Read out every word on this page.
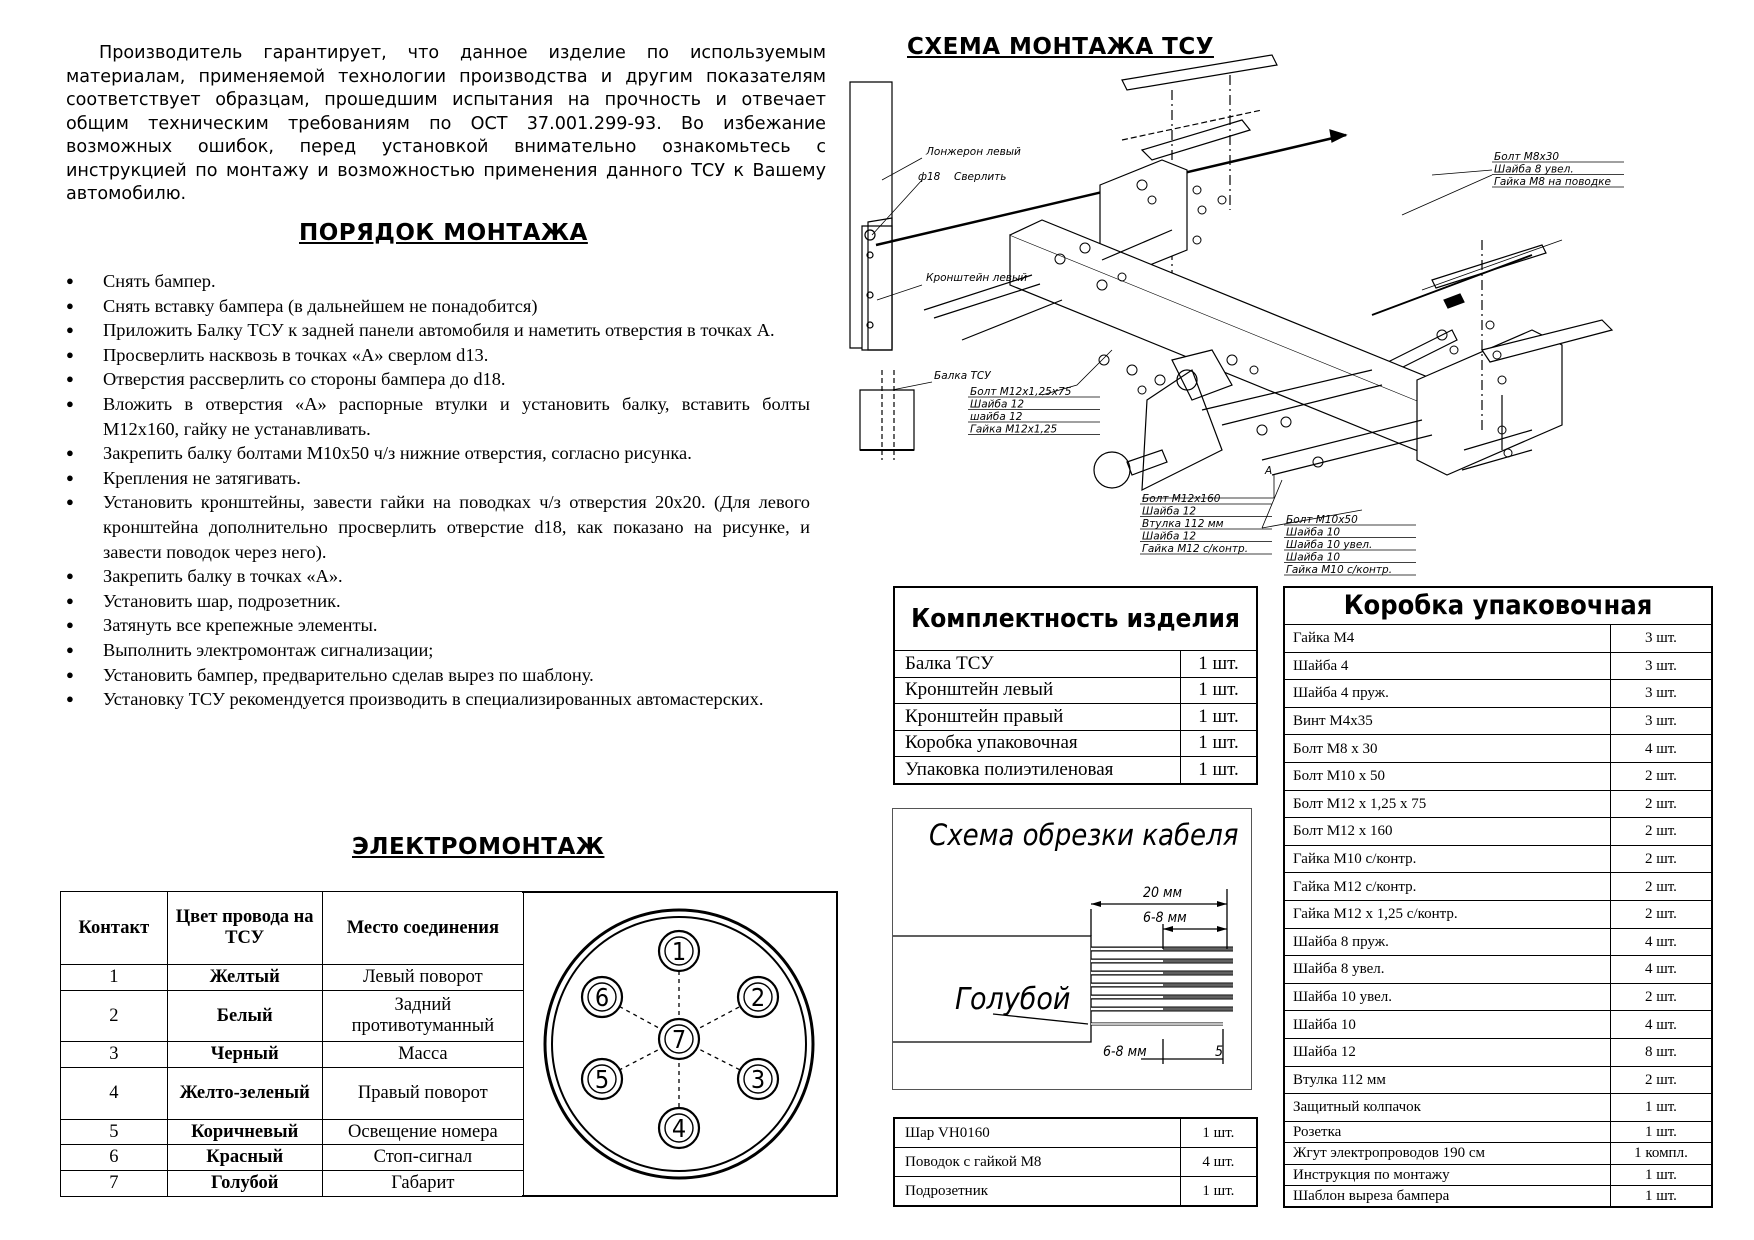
Производитель гарантирует, что данное изделие по используемым материалам, применяемой технологии производства и другим показателям соответствует образцам, прошедшим испытания на прочность и отвечает общим техническим требованиям по ОСТ 37.001.299-93. Во избежание возможных ошибок, перед установкой внимательно ознакомьтесь с инструкцией по монтажу и возможностью применения данного ТСУ к Вашему автомобилю.

ПОРЯДОК МОНТАЖА
● Снять бампер.
● Снять вставку бампера (в дальнейшем не понадобится)
● Приложить Балку ТСУ к задней панели автомобиля и наметить отверстия в точках А.
● Просверлить насквозь в точках «А» сверлом d13.
● Отверстия рассверлить со стороны бампера до d18.
● Вложить в отверстия «А» распорные втулки и установить балку, вставить болты М12х160, гайку не устанавливать.
● Закрепить балку болтами М10х50 ч/з нижние отверстия, согласно рисунка.
● Крепления не затягивать.
● Установить кронштейны, завести гайки на поводках ч/з отверстия 20х20. (Для левого кронштейна дополнительно просверлить отверстие d18, как показано на рисунке, и завести поводок через него).
● Закрепить балку в точках «А».
● Установить шар, подрозетник.
● Затянуть все крепежные элементы.
● Выполнить электромонтаж сигнализации;
● Установить бампер, предварительно сделав вырез по шаблону.
● Установку ТСУ рекомендуется производить в специализированных автомастерских.
ЭЛЕКТРОМОНТАЖ
Контакт	Цвет провода на ТСУ	Место соединения
1	Желтый	Левый поворот
2	Белый	Задний противотуманный
3	Черный	Масса
4	Желто-зеленый	Правый поворот
5	Коричневый	Освещение номера
6	Красный	Стоп-сигнал
7	Голубой	Габарит
1
2
3
4
5
6
7
СХЕМА МОНТАЖА ТСУ
Лонжерон левый
ф18 Сверлить
Кронштейн левый
Балка ТСУ
А
Болт М8х30
Шайба 8 увел.
Гайка М8 на поводке
Болт М12х1,25х75
Шайба 12
шайба 12
Гайка М12х1,25
Болт М12х160
Шайба 12
Втулка 112 мм
Шайба 12
Гайка М12 с/контр.
Болт М10х50
Шайба 10
Шайба 10 увел.
Шайба 10
Гайка М10 с/контр.
Комплектность изделия	
Балка ТСУ	1 шт.
Кронштейн левый	1 шт.
Кронштейн правый	1 шт.
Коробка упаковочная	1 шт.
Упаковка полиэтиленовая	1 шт.
Схема обрезки кабеля
20 мм
6-8 мм
6-8 мм	5
Голубой
Шар VH0160	1 шт.
Поводок с гайкой М8	4 шт.
Подрозетник	1 шт.
Коробка упаковочная	
Гайка М4	3 шт.
Шайба 4	3 шт.
Шайба 4 пруж.	3 шт.
Винт М4х35	3 шт.
Болт М8 х 30	4 шт.
Болт М10 х 50	2 шт.
Болт М12 х 1,25 х 75	2 шт.
Болт М12 х 160	2 шт.
Гайка М10 с/контр.	2 шт.
Гайка М12 с/контр.	2 шт.
Гайка М12 х 1,25 с/контр.	2 шт.
Шайба 8 пруж.	4 шт.
Шайба 8 увел.	4 шт.
Шайба 10 увел.	2 шт.
Шайба 10	4 шт.
Шайба 12	8 шт.
Втулка 112 мм	2 шт.
Защитный колпачок	1 шт.
Розетка	1 шт.
Жгут электропроводов 190 см	1 компл.
Инструкция по монтажу	1 шт.
Шаблон выреза бампера	1 шт.
